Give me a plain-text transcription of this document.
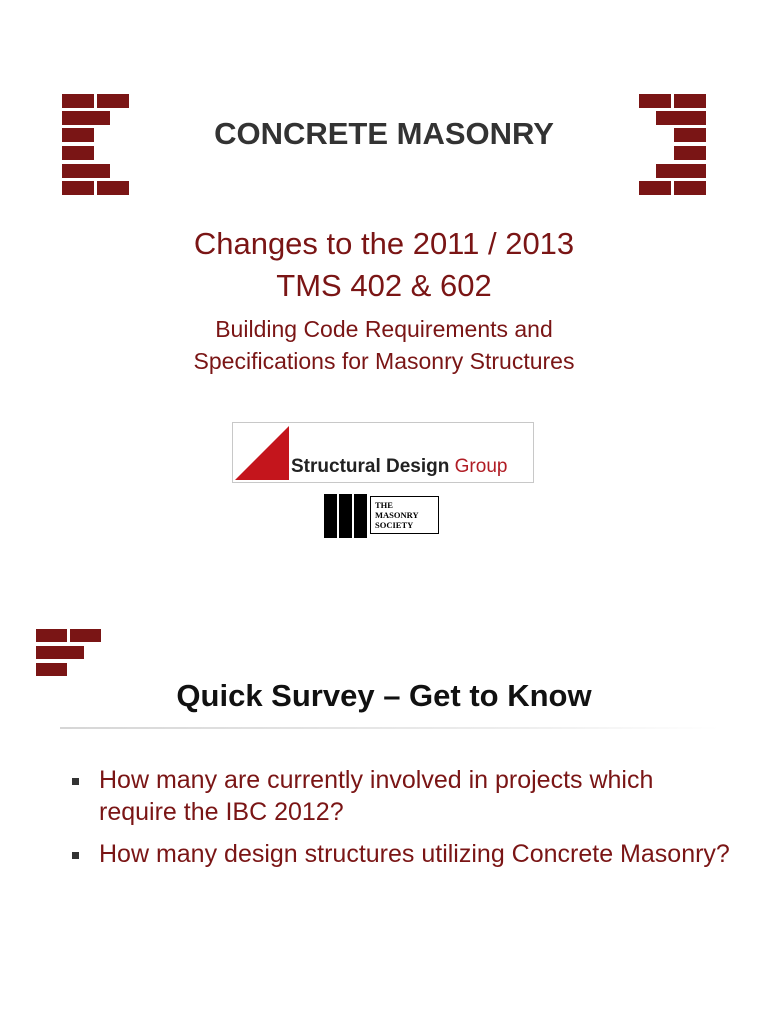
CONCRETE MASONRY
Changes to the 2011 / 2013
TMS 402 & 602
Building Code Requirements and
Specifications for Masonry Structures
Structural Design Group
THE
MASONRY
SOCIETY
Quick Survey – Get to Know
How many are currently involved in projects which require the IBC 2012?
How many design structures utilizing Concrete Masonry?
